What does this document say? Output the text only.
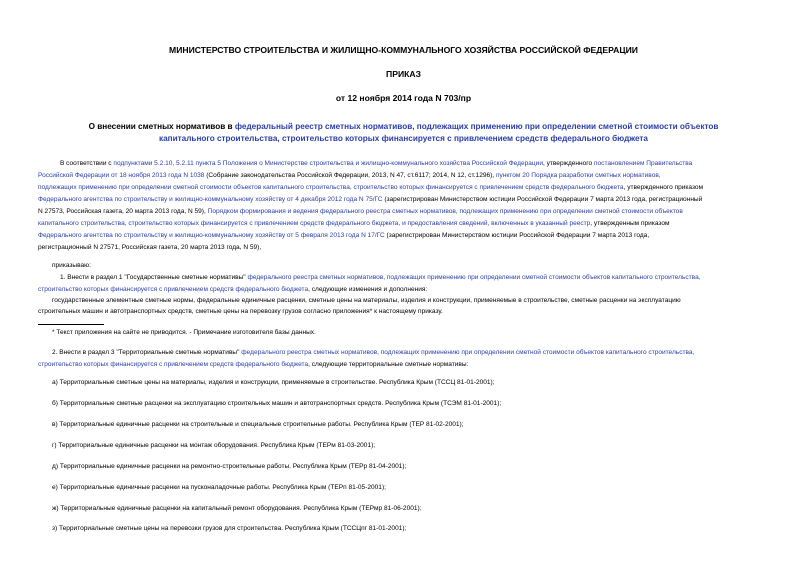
МИНИСТЕРСТВО СТРОИТЕЛЬСТВА И ЖИЛИЩНО-КОММУНАЛЬНОГО ХОЗЯЙСТВА РОССИЙСКОЙ ФЕДЕРАЦИИ
ПРИКАЗ
от 12 ноября 2014 года N 703/пр
О внесении сметных нормативов в федеральный реестр сметных нормативов, подлежащих применению при определении сметной стоимости объектов
капитального строительства, строительство которых финансируется с привлечением средств федерального бюджета
В соответствии с подпунктами 5.2.10, 5.2.11 пункта 5 Положения о Министерстве строительства и жилищно-коммунального хозяйства Российской Федерации, утвержденного постановлением Правительства
Российской Федерации от 18 ноября 2013 года N 1038 (Собрание законодательства Российской Федерации, 2013, N 47, ст.6117; 2014, N 12, ст.1296), пунктом 20 Порядка разработки сметных нормативов,
подлежащих применению при определении сметной стоимости объектов капитального строительства, строительство которых финансируется с привлечением средств федерального бюджета, утвержденного приказом
Федерального агентства по строительству и жилищно-коммунальному хозяйству от 4 декабря 2012 года N 75/ГС (зарегистрирован Министерством юстиции Российской Федерации 7 марта 2013 года, регистрационный
N 27573, Российская газета, 20 марта 2013 года, N 59), Порядком формирования и ведения федерального реестра сметных нормативов, подлежащих применению при определении сметной стоимости объектов
капитального строительства, строительство которых финансируется с привлечением средств федерального бюджета, и предоставления сведений, включенных в указанный реестр, утвержденным приказом
Федерального агентства по строительству и жилищно-коммунальному хозяйству от 5 февраля 2013 года N 17/ГС (зарегистрирован Министерством юстиции Российской Федерации 7 марта 2013 года,
регистрационный N 27571, Российская газета, 20 марта 2013 года, N 59),
приказываю:
1. Внести в раздел 1 "Государственные сметные нормативы" федерального реестра сметных нормативов, подлежащих применению при определении сметной стоимости объектов капитального строительства,
строительство которых финансируется с привлечением средств федерального бюджета, следующие изменения и дополнения:
государственные элементные сметные нормы, федеральные единичные расценки, сметные цены на материалы, изделия и конструкции, применяемые в строительстве, сметные расценки на эксплуатацию
строительных машин и автотранспортных средств, сметные цены на перевозку грузов согласно приложения* к настоящему приказу.
* Текст приложения на сайте не приводится. - Примечание изготовителя базы данных.
2. Внести в раздел 3 "Территориальные сметные нормативы" федерального реестра сметных нормативов, подлежащих применению при определении сметной стоимости объектов капитального строительства,
строительство которых финансируется с привлечением средств федерального бюджета, следующие территориальные сметные нормативы:
а) Территориальные сметные цены на материалы, изделия и конструкции, применяемые в строительстве. Республика Крым (ТССЦ 81-01-2001);
б) Территориальные сметные расценки на эксплуатацию строительных машин и автотранспортных средств. Республика Крым (ТСЭМ 81-01-2001);
в) Территориальные единичные расценки на строительные и специальные строительные работы. Республика Крым (ТЕР 81-02-2001);
г) Территориальные единичные расценки на монтаж оборудования. Республика Крым (ТЕРм 81-03-2001);
д) Территориальные единичные расценки на ремонтно-строительные работы. Республика Крым (ТЕРр 81-04-2001);
е) Территориальные единичные расценки на пусконаладочные работы. Республика Крым (ТЕРп 81-05-2001);
ж) Территориальные единичные расценки на капитальный ремонт оборудования. Республика Крым (ТЕРмр 81-06-2001);
з) Территориальные сметные цены на перевозки грузов для строительства. Республика Крым (ТССЦпг 81-01-2001);
